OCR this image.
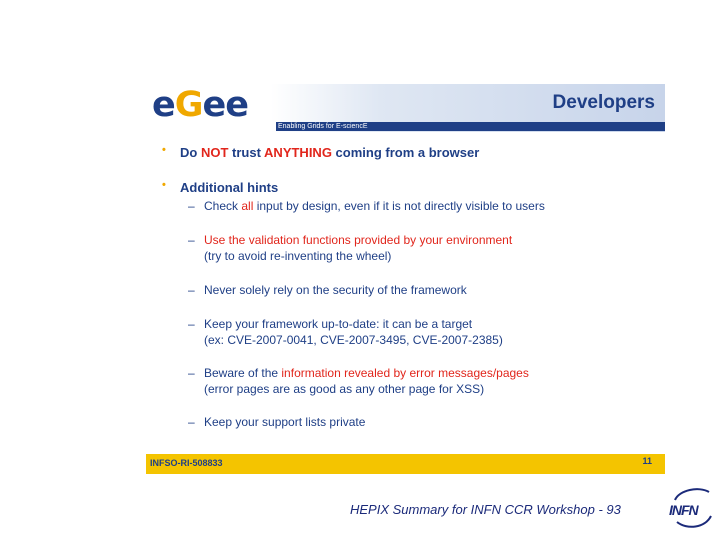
e G e e
Enabling Grids for E-sciencE
Developers
• Do NOT trust ANYTHING coming from a browser
• Additional hints
– Check all input by design, even if it is not directly visible to users
– Use the validation functions provided by your environment
(try to avoid re-inventing the wheel)
– Never solely rely on the security of the framework
– Keep your framework up-to-date: it can be a target
(ex: CVE-2007-0041, CVE-2007-3495, CVE-2007-2385)
– Beware of the information revealed by error messages/pages
(error pages are as good as any other page for XSS)
– Keep your support lists private
INFSO-RI-508833	11
HEPIX Summary for INFN CCR Workshop - 93	INFN
